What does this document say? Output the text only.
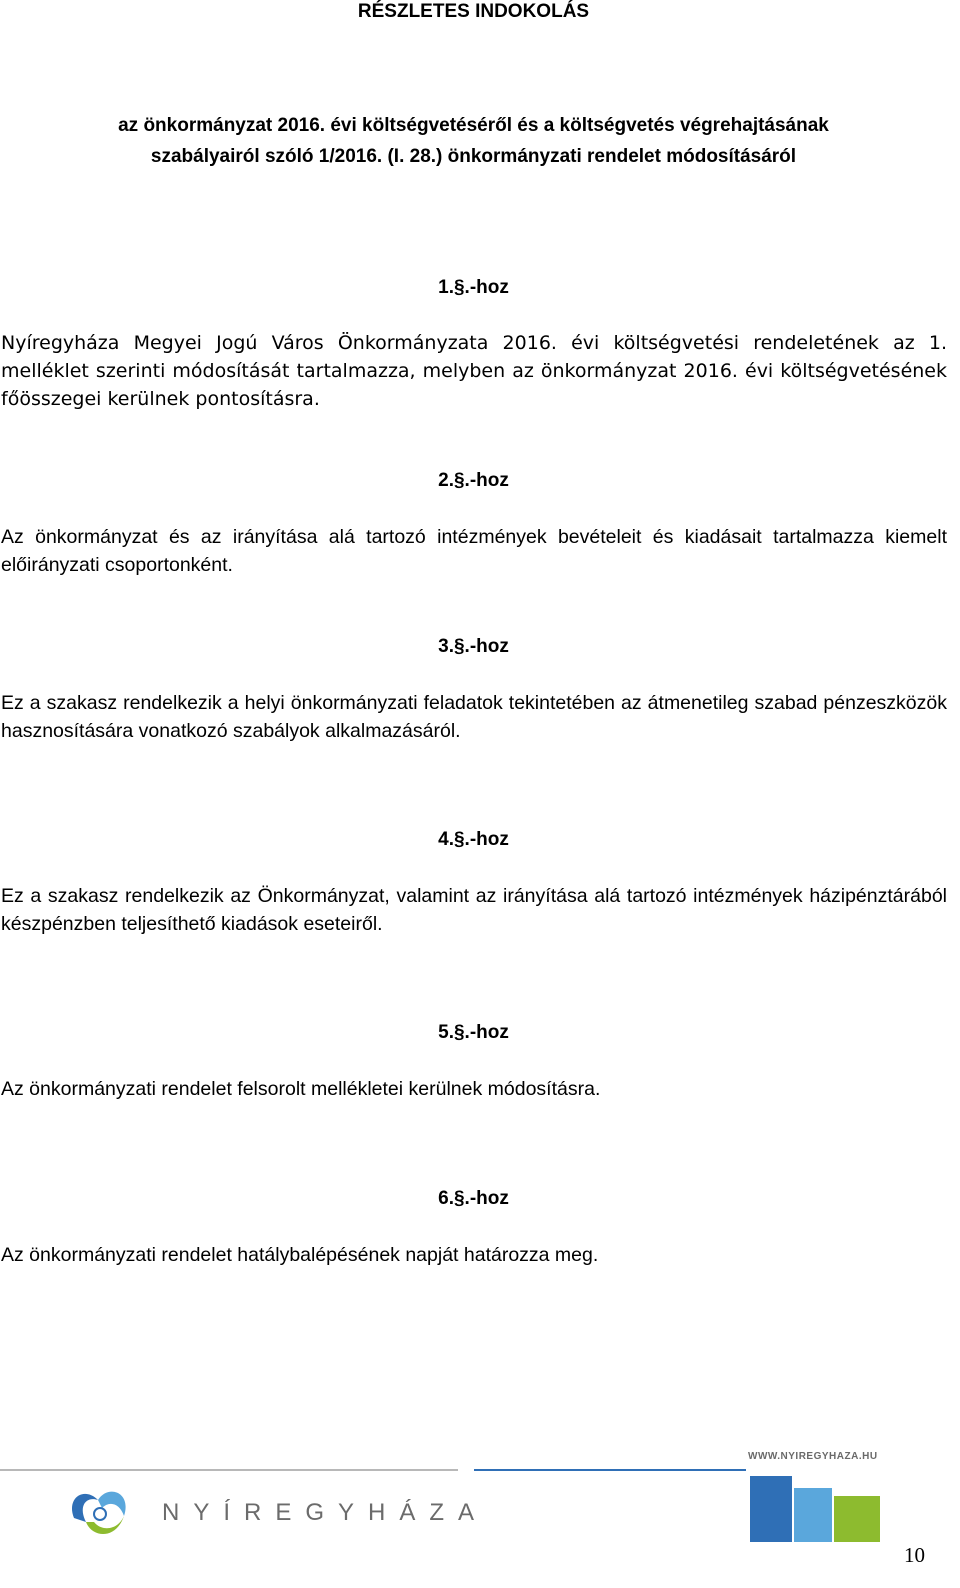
RÉSZLETES INDOKOLÁS
az önkormányzat 2016. évi költségvetéséről és a költségvetés végrehajtásának szabályairól szóló 1/2016. (I. 28.) önkormányzati rendelet módosításáról
1.§.-hoz
Nyíregyháza Megyei Jogú Város Önkormányzata 2016. évi költségvetési rendeletének az 1. melléklet szerinti módosítását tartalmazza, melyben az önkormányzat 2016. évi költségvetésének főösszegei kerülnek pontosításra.
2.§.-hoz
Az önkormányzat és az irányítása alá tartozó intézmények bevételeit és kiadásait tartalmazza kiemelt előirányzati csoportonként.
3.§.-hoz
Ez a szakasz rendelkezik a helyi önkormányzati feladatok tekintetében az átmenetileg szabad pénzeszközök hasznosítására vonatkozó szabályok alkalmazásáról.
4.§.-hoz
Ez a szakasz rendelkezik az Önkormányzat, valamint az irányítása alá tartozó intézmények házipénztárából készpénzben teljesíthető kiadások eseteiről.
5.§.-hoz
Az önkormányzati rendelet felsorolt mellékletei kerülnek módosításra.
6.§.-hoz
Az önkormányzati rendelet hatálybalépésének napját határozza meg.
WWW.NYIREGYHAZA.HU
NYÍREGYHÁZA
10
